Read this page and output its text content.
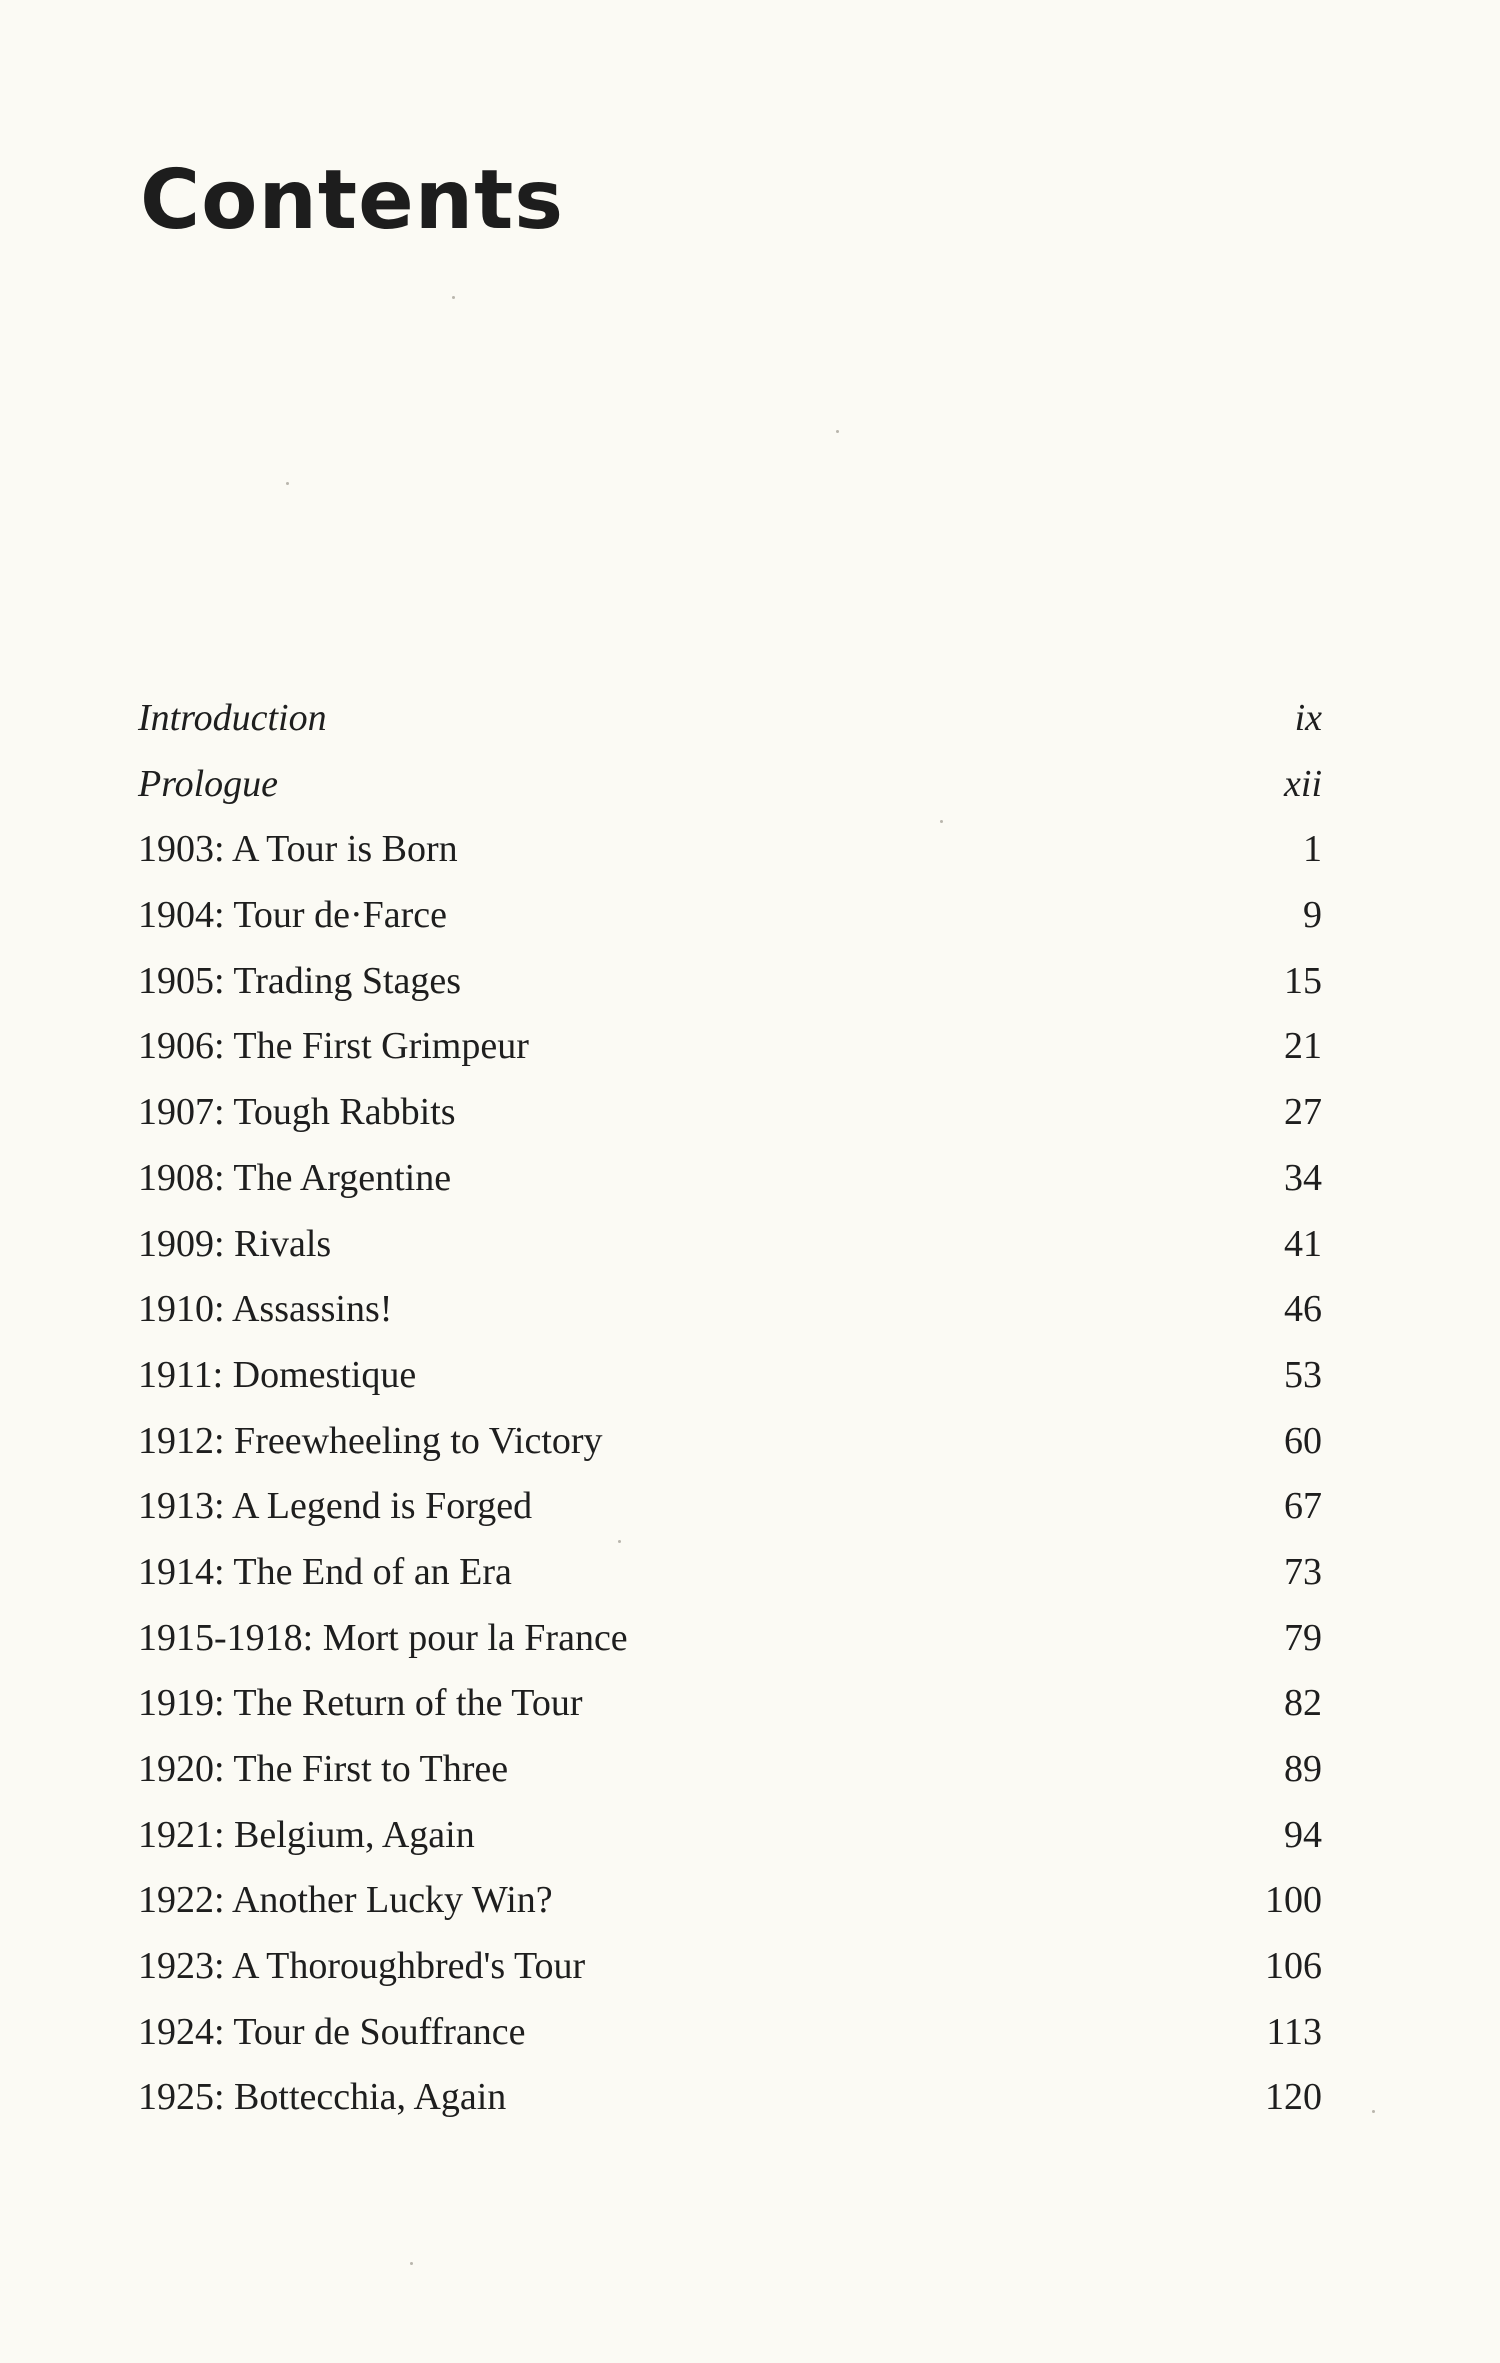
Contents
Introduction	ix
Prologue	xii
1903: A Tour is Born	1
1904: Tour de·Farce	9
1905: Trading Stages	15
1906: The First Grimpeur	21
1907: Tough Rabbits	27
1908: The Argentine	34
1909: Rivals	41
1910: Assassins!	46
1911: Domestique	53
1912: Freewheeling to Victory	60
1913: A Legend is Forged	67
1914: The End of an Era	73
1915-1918: Mort pour la France	79
1919: The Return of the Tour	82
1920: The First to Three	89
1921: Belgium, Again	94
1922: Another Lucky Win?	100
1923: A Thoroughbred's Tour	106
1924: Tour de Souffrance	113
1925: Bottecchia, Again	120
